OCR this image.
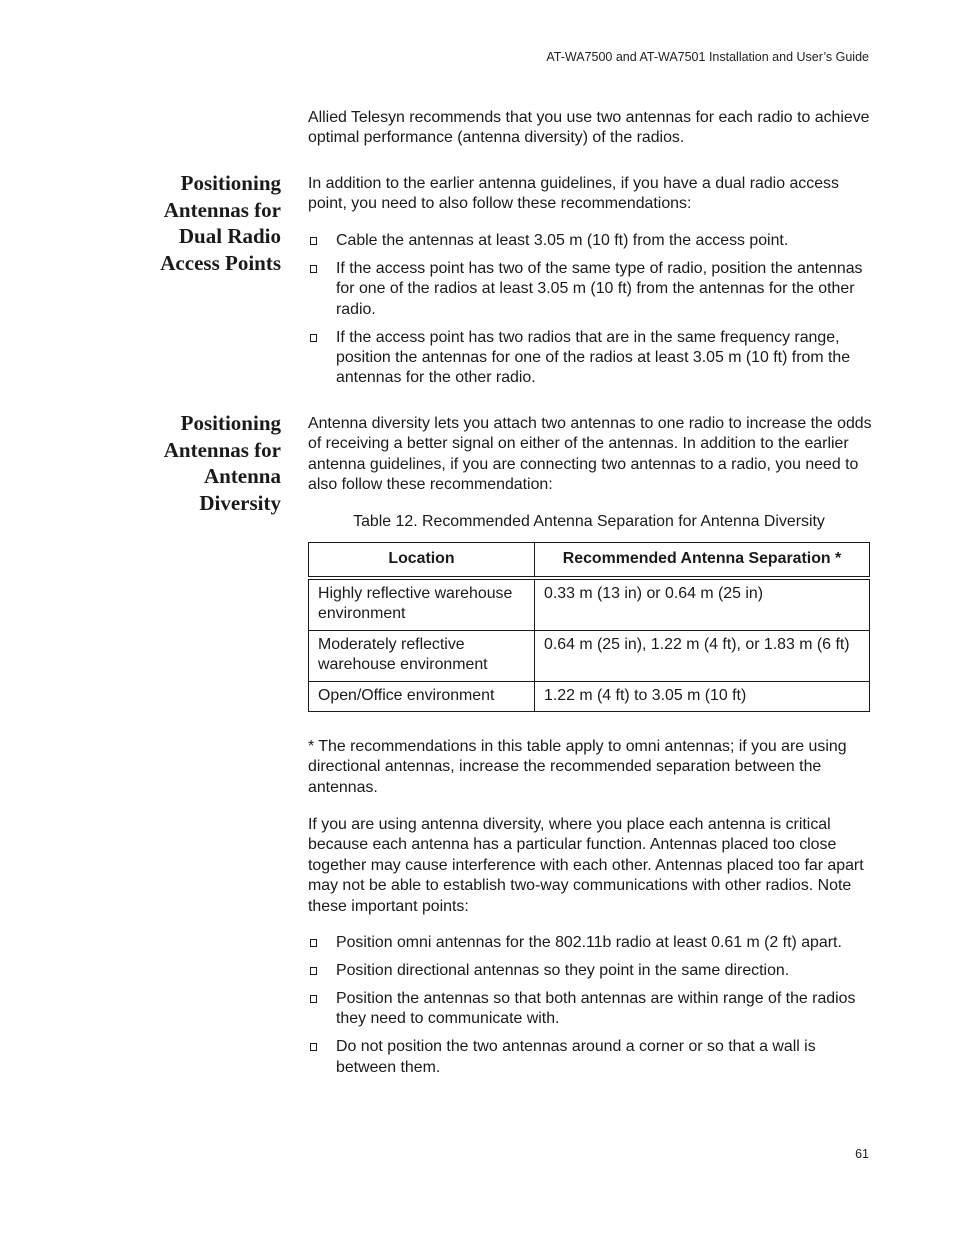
AT-WA7500 and AT-WA7501 Installation and User’s Guide

Allied Telesyn recommends that you use two antennas for each radio to achieve optimal performance (antenna diversity) of the radios.

Positioning
Antennas for
Dual Radio
Access Points

In addition to the earlier antenna guidelines, if you have a dual radio access point, you need to also follow these recommendations:

Cable the antennas at least 3.05 m (10 ft) from the access point.
If the access point has two of the same type of radio, position the antennas for one of the radios at least 3.05 m (10 ft) from the antennas for the other radio.
If the access point has two radios that are in the same frequency range, position the antennas for one of the radios at least 3.05 m (10 ft) from the antennas for the other radio.
Positioning
Antennas for
Antenna
Diversity

Antenna diversity lets you attach two antennas to one radio to increase the odds of receiving a better signal on either of the antennas. In addition to the earlier antenna guidelines, if you are connecting two antennas to a radio, you need to also follow these recommendation:

Table 12. Recommended Antenna Separation for Antenna Diversity
Location	Recommended Antenna Separation *
Highly reflective warehouse environment	0.33 m (13 in) or 0.64 m (25 in)
Moderately reflective warehouse environment	0.64 m (25 in), 1.22 m (4 ft), or 1.83 m (6 ft)
Open/Office environment	1.22 m (4 ft) to 3.05 m (10 ft)

* The recommendations in this table apply to omni antennas; if you are using directional antennas, increase the recommended separation between the antennas.

If you are using antenna diversity, where you place each antenna is critical because each antenna has a particular function. Antennas placed too close together may cause interference with each other. Antennas placed too far apart may not be able to establish two-way communications with other radios. Note these important points:

Position omni antennas for the 802.11b radio at least 0.61 m (2 ft) apart.
Position directional antennas so they point in the same direction.
Position the antennas so that both antennas are within range of the radios they need to communicate with.
Do not position the two antennas around a corner or so that a wall is between them.
61
